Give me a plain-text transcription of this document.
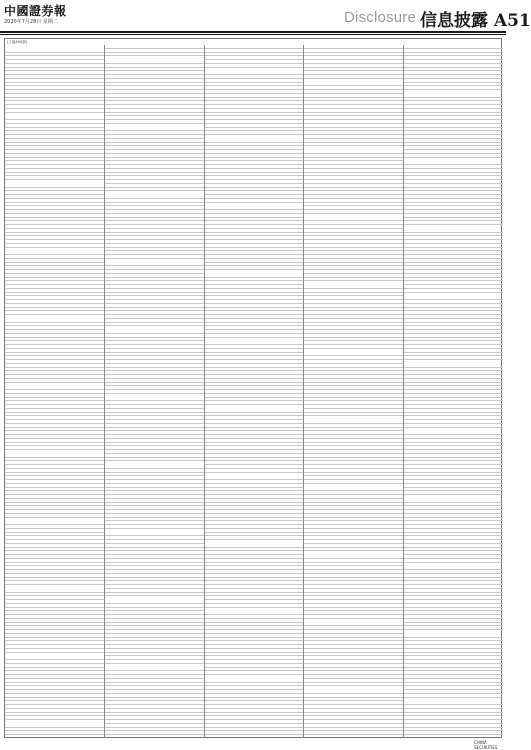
中國證券報
2020年7月28日 星期二	Disclosure 信息披露 A51
(上接A50版)
CHINA SECURITIES
